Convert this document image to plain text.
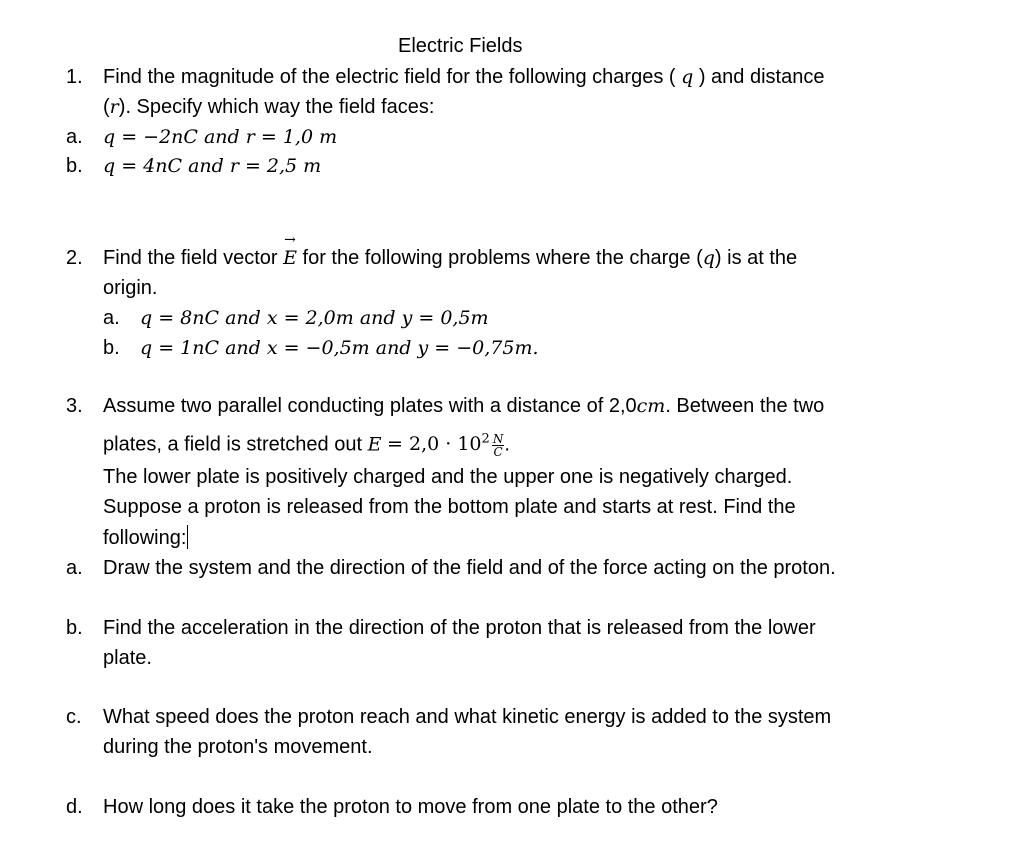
Electric Fields
1. Find the magnitude of the electric field for the following charges ( q ) and distance
(r). Specify which way the field faces:
a. q = −2nC and r = 1,0 m
b. q = 4nC and r = 2,5 m
2. Find the field vector E
→
for the following problems where the charge (q) is at the
origin.
a. q = 8nC and x = 2,0m and y = 0,5m
b. q = 1nC and x = −0,5m and y = −0,75m.
3. Assume two parallel conducting plates with a distance of 2,0cm. Between the two
plates, a field is stretched out $E = 2,0 \cdot 10^2 \frac{N}{C}$ .
The lower plate is positively charged and the upper one is negatively charged.
Suppose a proton is released from the bottom plate and starts at rest. Find the
following:
a. Draw the system and the direction of the field and of the force acting on the proton.
b. Find the acceleration in the direction of the proton that is released from the lower
plate.
c. What speed does the proton reach and what kinetic energy is added to the system
during the proton's movement.
d. How long does it take the proton to move from one plate to the other?
